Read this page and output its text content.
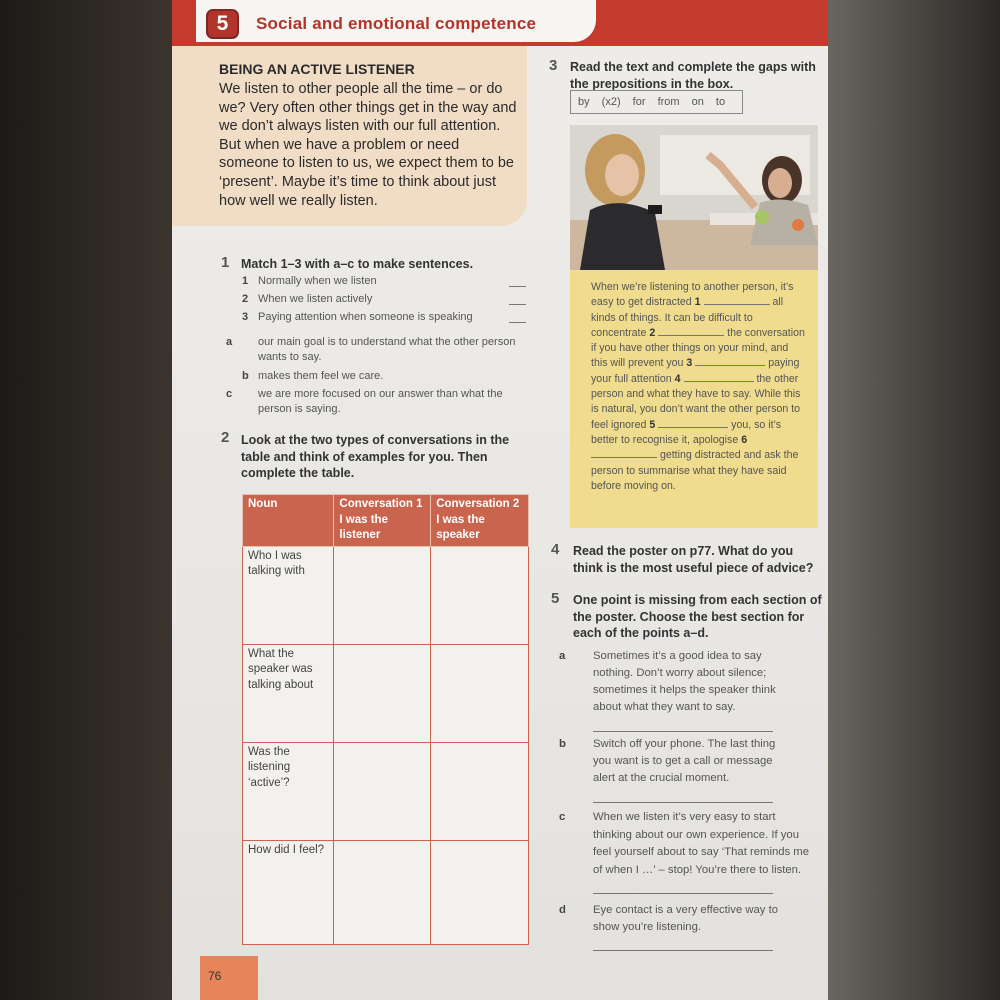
5	Social and emotional competence
BEING AN ACTIVE LISTENER
We listen to other people all the time – or do we? Very often other things get in the way and we don’t always listen with our full attention. But when we have a problem or need someone to listen to us, we expect them to be ‘present’. Maybe it’s time to think about just how well we really listen.
1 Match 1–3 with a–c to make sentences.
1 Normally when we listen
2 When we listen actively
3 Paying attention when someone is speaking
a our main goal is to understand what the other person wants to say.
b makes them feel we care.
c we are more focused on our answer than what the person is saying.
2 Look at the two types of conversations in the table and think of examples for you. Then complete the table.
Noun	Conversation 1 I was the listener	Conversation 2 I was the speaker
Who I was talking with		
What the speaker was talking about		
Was the listening ‘active’?		
How did I feel?		
3 Read the text and complete the gaps with the prepositions in the box.
by (x2) for from on to
When we’re listening to another person, it’s easy to get distracted 1	all kinds of things. It can be difficult to concentrate 2	the conversation if you have other things on your mind, and this will prevent you 3	paying your full attention 4	the other person and what they have to say. While this is natural, you don’t want the other person to feel ignored 5	you, so it’s better to recognise it, apologise 6  getting distracted and ask the person to summarise what they have said before moving on.
4 Read the poster on p77. What do you think is the most useful piece of advice?
5 One point is missing from each section of the poster. Choose the best section for each of the points a–d.
a Sometimes it’s a good idea to say nothing. Don’t worry about silence; sometimes it helps the speaker think about what they want to say.
b Switch off your phone. The last thing you want is to get a call or message alert at the crucial moment.
c When we listen it’s very easy to start thinking about our own experience. If you feel yourself about to say ‘That reminds me of when I …’ – stop! You’re there to listen.
d Eye contact is a very effective way to show you’re listening.
76
